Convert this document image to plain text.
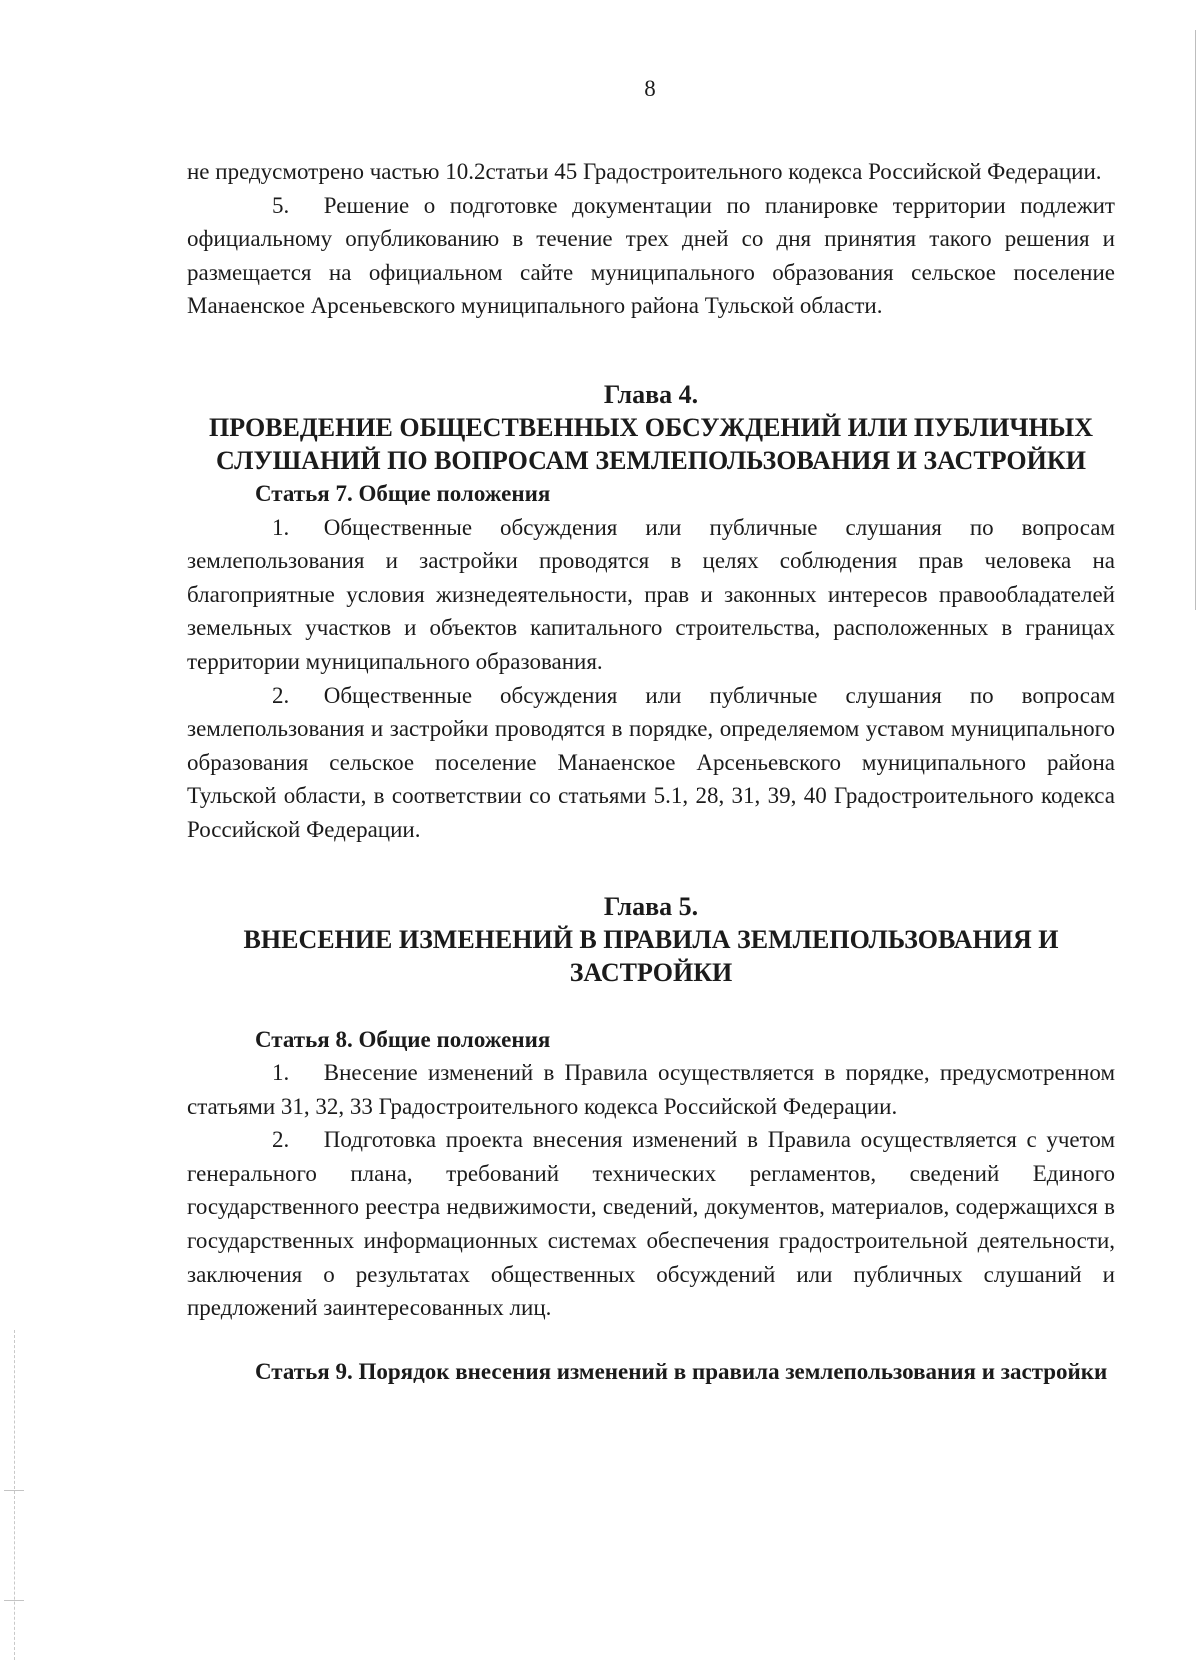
8

не предусмотрено частью 10.2статьи 45 Градостроительного кодекса Российской Федерации.

5.  Решение о подготовке документации по планировке территории подлежит официальному опубликованию в течение трех дней со дня принятия такого решения и размещается на официальном сайте муниципального образования сельское поселение Манаенское Арсеньевского муниципального района Тульской области.

Глава 4.
ПРОВЕДЕНИЕ ОБЩЕСТВЕННЫХ ОБСУЖДЕНИЙ ИЛИ ПУБЛИЧНЫХ СЛУШАНИЙ ПО ВОПРОСАМ ЗЕМЛЕПОЛЬЗОВАНИЯ И ЗАСТРОЙКИ
Статья 7. Общие положения

1.  Общественные обсуждения или публичные слушания по вопросам землепользования и застройки проводятся в целях соблюдения прав человека на благоприятные условия жизнедеятельности, прав и законных интересов правообладателей земельных участков и объектов капитального строительства, расположенных в границах территории муниципального образования.

2.  Общественные обсуждения или публичные слушания по вопросам землепользования и застройки проводятся в порядке, определяемом уставом муниципального образования сельское поселение Манаенское Арсеньевского муниципального района Тульской области, в соответствии со статьями 5.1, 28, 31, 39, 40 Градостроительного кодекса Российской Федерации.

Глава 5.
ВНЕСЕНИЕ ИЗМЕНЕНИЙ В ПРАВИЛА ЗЕМЛЕПОЛЬЗОВАНИЯ И ЗАСТРОЙКИ
Статья 8. Общие положения

1.  Внесение изменений в Правила осуществляется в порядке, предусмотренном статьями 31, 32, 33 Градостроительного кодекса Российской Федерации.

2.  Подготовка проекта внесения изменений в Правила осуществляется с учетом генерального плана, требований технических регламентов, сведений Единого государственного реестра недвижимости, сведений, документов, материалов, содержащихся в государственных информационных системах обеспечения градостроительной деятельности, заключения о результатах общественных обсуждений или публичных слушаний и предложений заинтересованных лиц.

Статья 9. Порядок внесения изменений в правила землепользования и застройки
